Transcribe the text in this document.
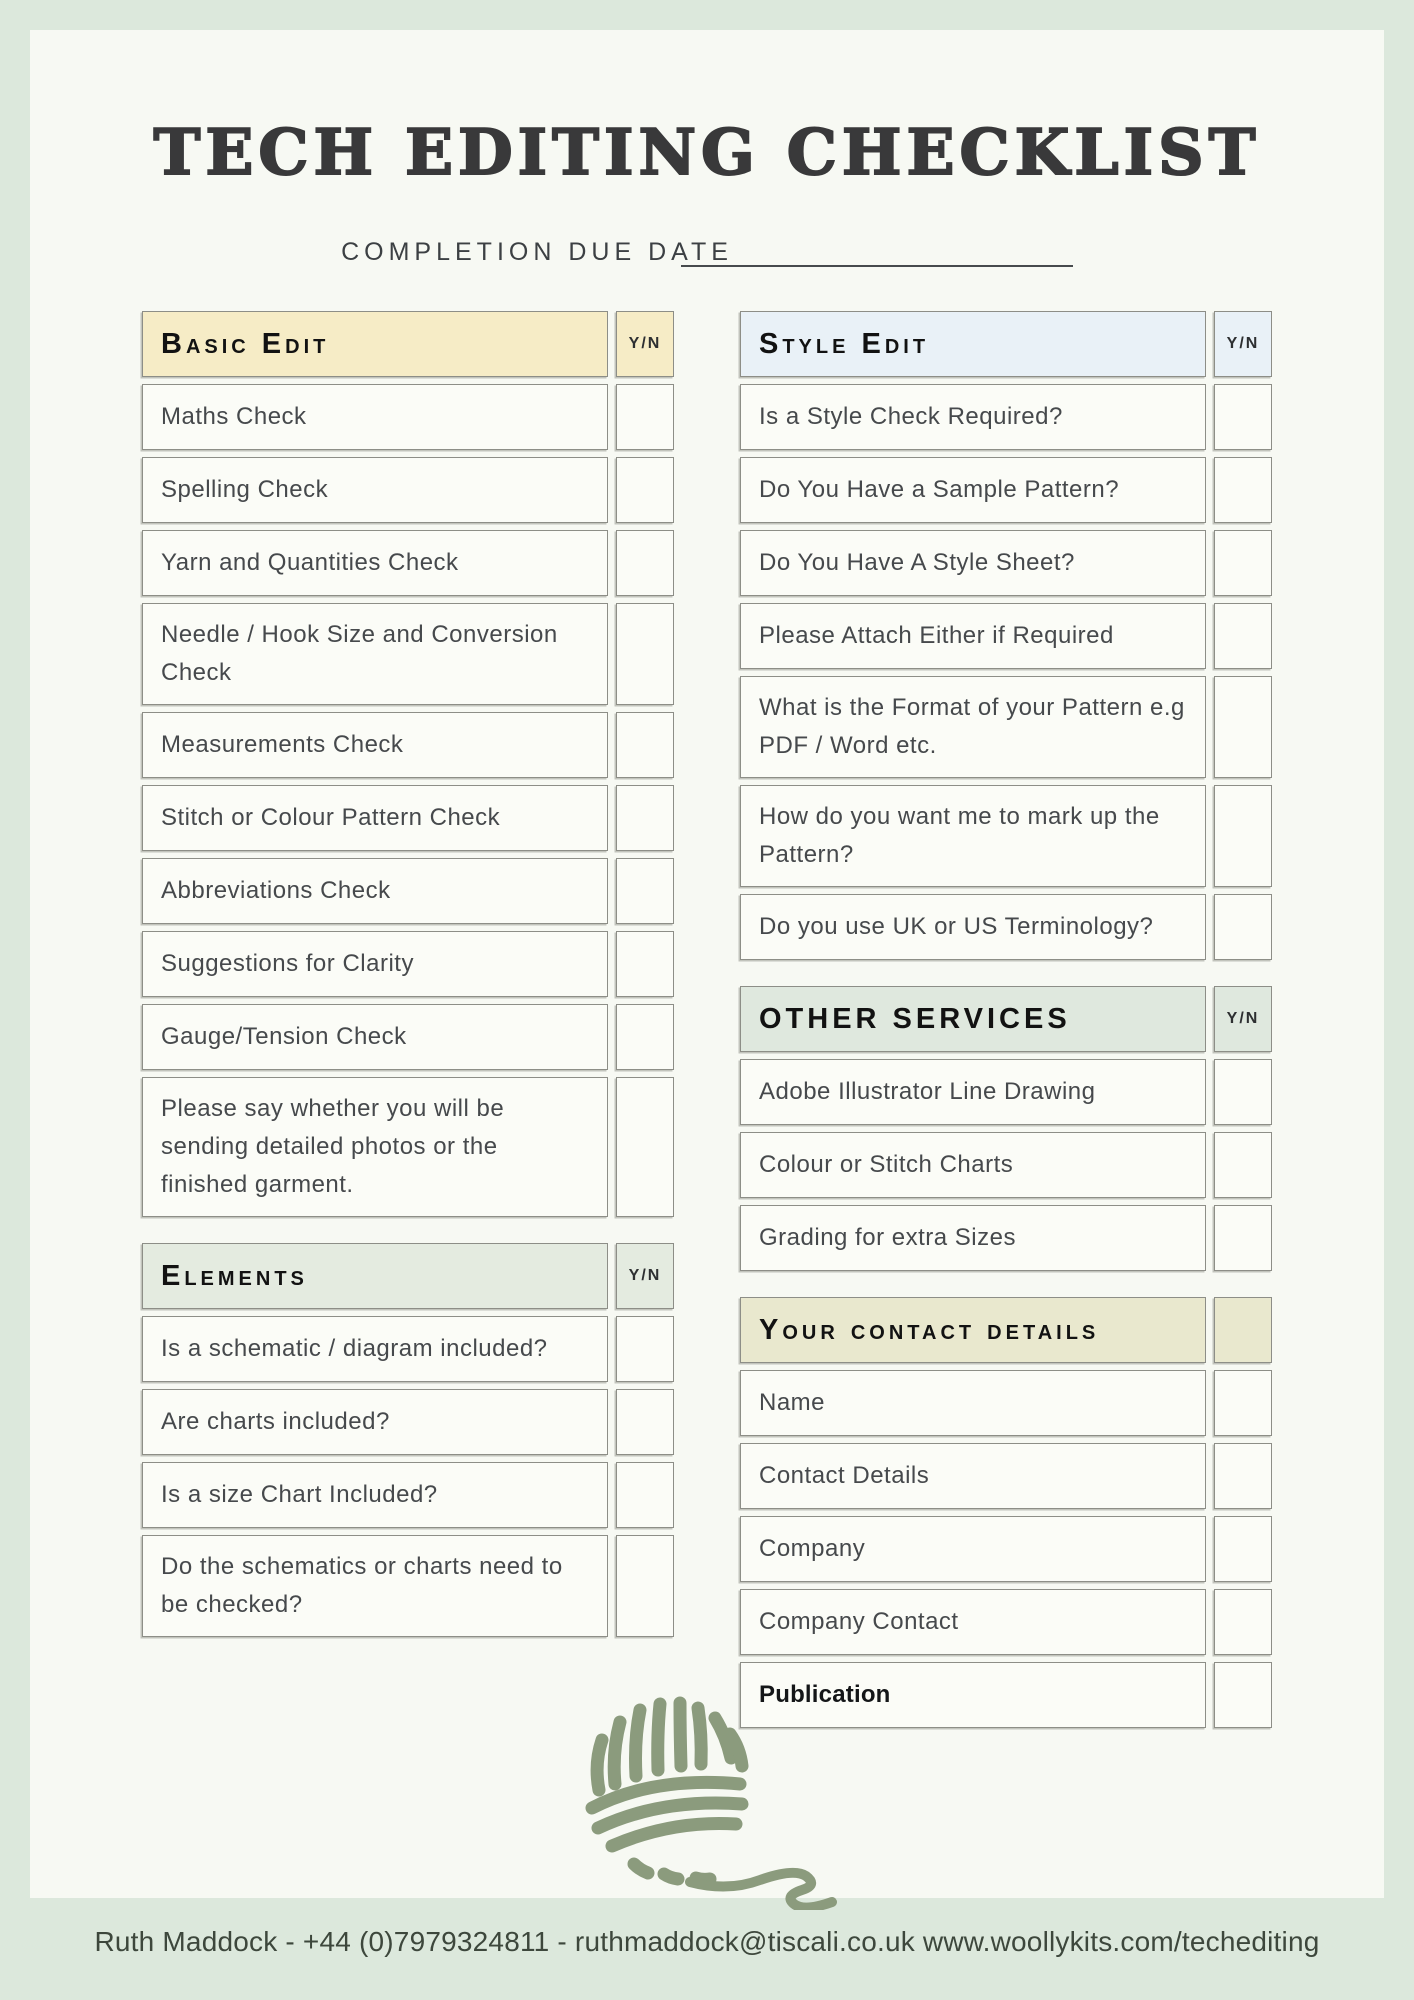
TECH EDITING CHECKLIST
COMPLETION DUE DATE
Basic Edit	Y/N
Maths Check
Spelling Check
Yarn and Quantities Check
Needle / Hook Size and Conversion Check
Measurements Check
Stitch or Colour Pattern Check
Abbreviations Check
Suggestions for Clarity
Gauge/Tension Check
Please say whether you will be sending detailed photos or the finished garment.
Elements	Y/N
Is a schematic / diagram included?
Are charts included?
Is a size Chart Included?
Do the schematics or charts need to be checked?
Style Edit	Y/N
Is a Style Check Required?
Do You Have a Sample Pattern?
Do You Have A Style Sheet?
Please Attach Either if Required
What is the Format of your Pattern e.g PDF / Word etc.
How do you want me to mark up the Pattern?
Do you use UK or US Terminology?
OTHER SERVICES	Y/N
Adobe Illustrator Line Drawing
Colour or Stitch Charts
Grading for extra Sizes
Your contact details
Name
Contact Details
Company
Company Contact
Publication
Ruth Maddock - +44 (0)7979324811 - ruthmaddock@tiscali.co.uk www.woollykits.com/techediting
